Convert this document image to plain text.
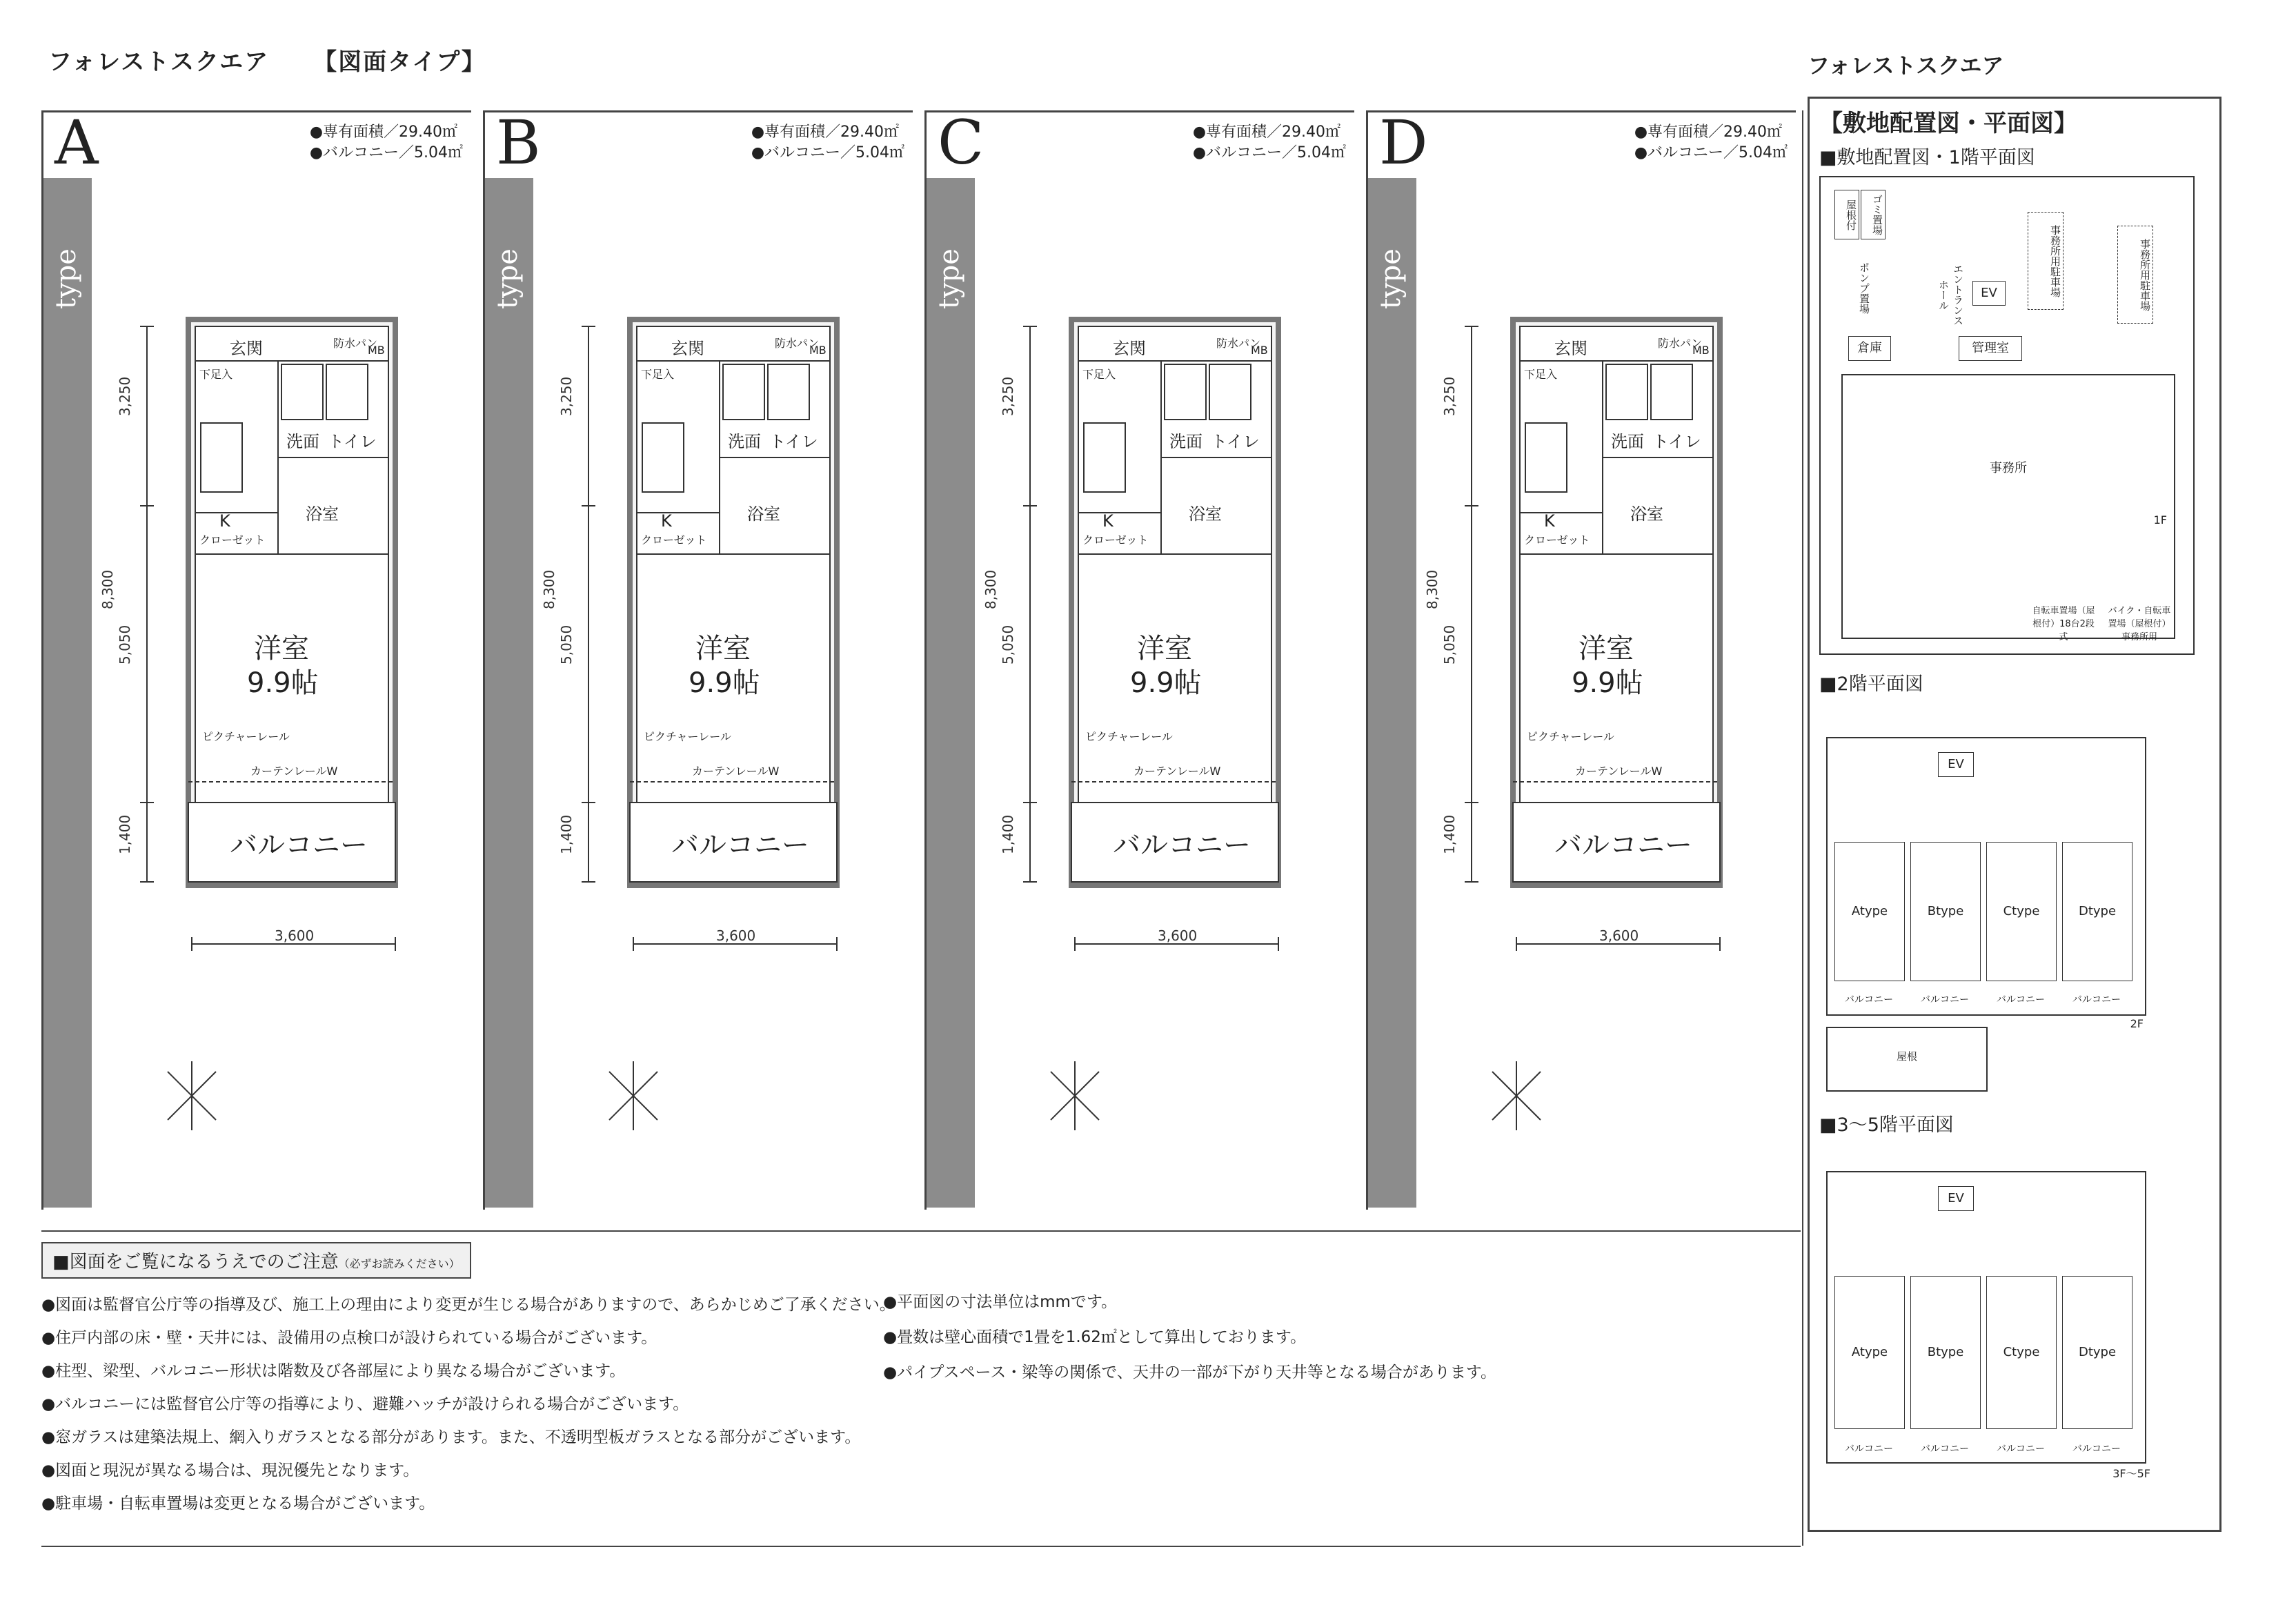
フォレストスクエア 【図面タイプ】
A	●専有面積／29.40㎡
●バルコニー／5.04㎡
type
3,250
8,300
5,050
1,400
3,600
玄関	防水パン
MB
下足入
洗面 トイレ
K	浴室
クローゼット
洋室
9.9帖
ピクチャーレール
カーテンレールW
バルコニー
B	●専有面積／29.40㎡
●バルコニー／5.04㎡
type
3,250
8,300
5,050
1,400
3,600
玄関	防水パン
MB
下足入
洗面 トイレ
K	浴室
クローゼット
洋室
9.9帖
ピクチャーレール
カーテンレールW
バルコニー
C	●専有面積／29.40㎡
●バルコニー／5.04㎡
type
3,250
8,300
5,050
1,400
3,600
玄関	防水パン
MB
下足入
洗面 トイレ
K	浴室
クローゼット
洋室
9.9帖
ピクチャーレール
カーテンレールW
バルコニー
D	●専有面積／29.40㎡
●バルコニー／5.04㎡
type
3,250
8,300
5,050
1,400
3,600
玄関	防水パン
MB
下足入
洗面 トイレ
K	浴室
クローゼット
洋室
9.9帖
ピクチャーレール
カーテンレールW
バルコニー
■図面をご覧になるうえでのご注意（必ずお読みください）
●図面は監督官公庁等の指導及び、施工上の理由により変更が生じる場合がありますので、あらかじめご了承ください。
●住戸内部の床・壁・天井には、設備用の点検口が設けられている場合がございます。
●柱型、梁型、バルコニー形状は階数及び各部屋により異なる場合がございます。
●バルコニーには監督官公庁等の指導により、避難ハッチが設けられる場合がございます。
●窓ガラスは建築法規上、網入りガラスとなる部分があります。また、不透明型板ガラスとなる部分がございます。
●図面と現況が異なる場合は、現況優先となります。
●駐車場・自転車置場は変更となる場合がございます。
●平面図の寸法単位はmmです。
●畳数は壁心面積で1畳を1.62㎡として算出しております。
●パイプスペース・梁等の関係で、天井の一部が下がり天井等となる場合があります。
フォレストスクエア
【敷地配置図・平面図】
■敷地配置図・1階平面図
屋根付	ゴミ置場
ポンプ置場	エントランスホール	EV
倉庫	管理室
事務所用駐車場	事務所用駐車場
事務所
1F
自転車置場（屋根付）18台2段式
バイク・自転車置場（屋根付）事務所用
■2階平面図
EV
Atype	Btype	Ctype	Dtype
バルコニー	バルコニー	バルコニー	バルコニー
2F
屋根
■3〜5階平面図
EV
Atype	Btype	Ctype	Dtype
バルコニー	バルコニー	バルコニー	バルコニー
3F〜5F
